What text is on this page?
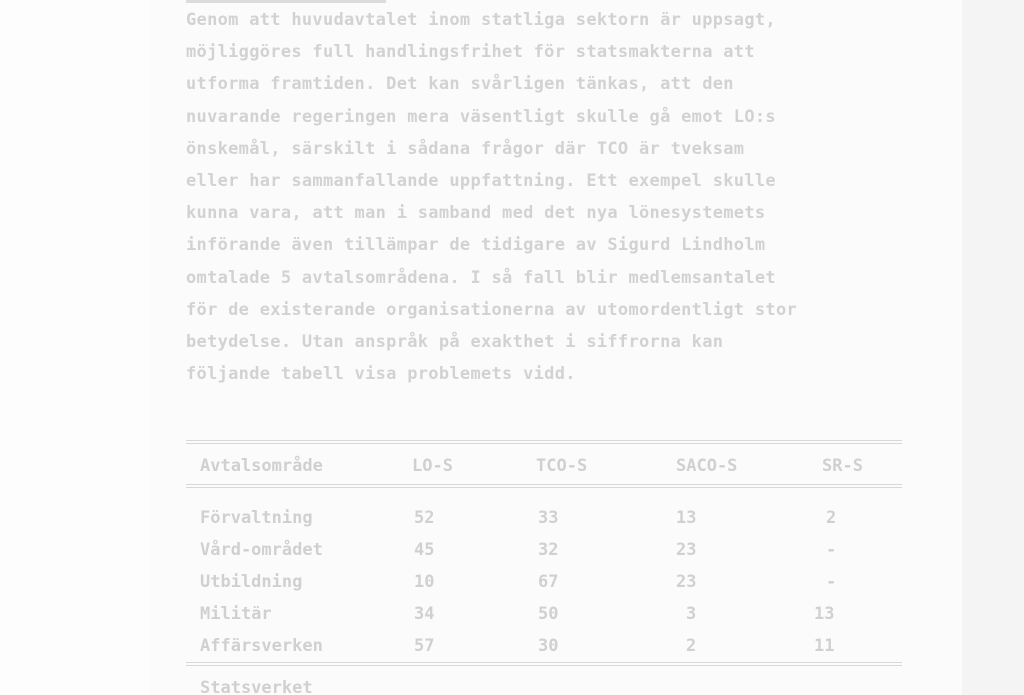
Genom att huvudavtalet inom statliga sektorn är uppsagt,
möjliggöres full handlingsfrihet för statsmakterna att
utforma framtiden. Det kan svårligen tänkas, att den
nuvarande regeringen mera väsentligt skulle gå emot LO:s
önskemål, särskilt i sådana frågor där TCO är tveksam
eller har sammanfallande uppfattning. Ett exempel skulle
kunna vara, att man i samband med det nya lönesystemets
införande även tillämpar de tidigare av Sigurd Lindholm
omtalade 5 avtalsområdena. I så fall blir medlemsantalet
för de existerande organisationerna av utomordentligt stor
betydelse. Utan anspråk på exakthet i siffrorna kan
följande tabell visa problemets vidd.
Avtalsområde	LO-S	TCO-S	SACO-S	SR-S
Förvaltning	52	33	13	2
Vård-området	45	32	23	-
Utbildning	10	67	23	-
Militär	34	50	3	13
Affärsverken	57	30	2	11
Statsverket
